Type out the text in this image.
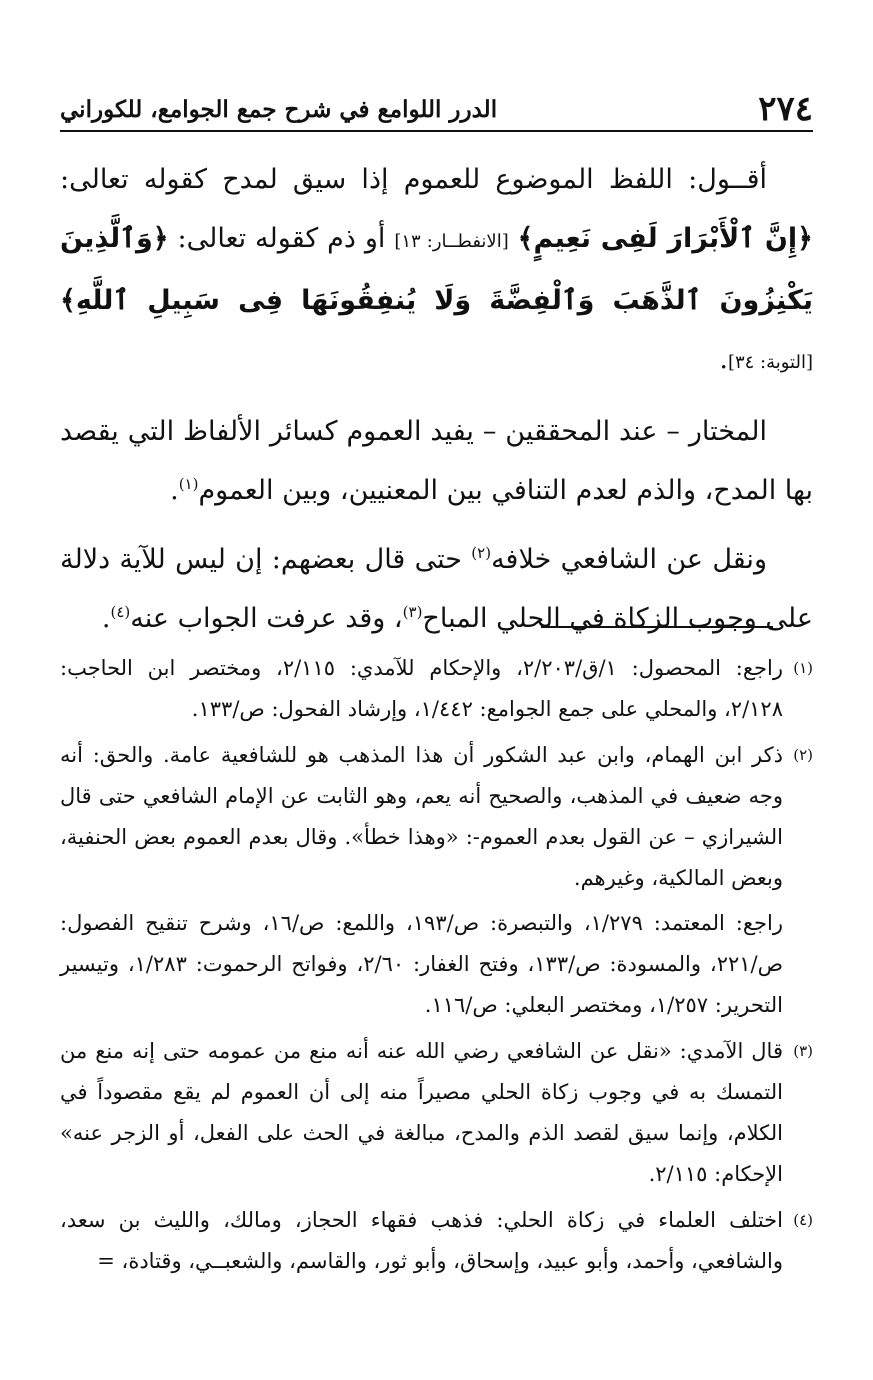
٢٧٤
الدرر اللوامع في شرح جمع الجوامع، للكوراني

أقــول: اللفظ الموضوع للعموم إذا سيق لمدح كقوله تعالى: ﴿إِنَّ ٱلْأَبْرَارَ لَفِى نَعِيمٍ﴾ [الانفطــار: ١٣] أو ذم كقوله تعالى: ﴿وَٱلَّذِينَ يَكْنِزُونَ ٱلذَّهَبَ وَٱلْفِضَّةَ وَلَا يُنفِقُونَهَا فِى سَبِيلِ ٱللَّهِ﴾ [التوبة: ٣٤].

المختار – عند المحققين – يفيد العموم كسائر الألفاظ التي يقصد بها المدح، والذم لعدم التنافي بين المعنيين، وبين العموم$^{(١)}$.

ونقل عن الشافعي خلافه$^{(٢)}$ حتى قال بعضهم: إن ليس للآية دلالة على وجوب الزكاة في الحلي المباح$^{(٣)}$، وقد عرفت الجواب عنه$^{(٤)}$.

(١)

راجع: المحصول: ١/ق/٢/٢٠٣، والإحكام للآمدي: ٢/١١٥، ومختصر ابن الحاجب: ٢/١٢٨، والمحلي على جمع الجوامع: ١/٤٤٢، وإرشاد الفحول: ص/١٣٣.

(٢)

ذكر ابن الهمام، وابن عبد الشكور أن هذا المذهب هو للشافعية عامة. والحق: أنه وجه ضعيف في المذهب، والصحيح أنه يعم، وهو الثابت عن الإمام الشافعي حتى قال الشيرازي – عن القول بعدم العموم-: «وهذا خطأ». وقال بعدم العموم بعض الحنفية، وبعض المالكية، وغيرهم.

راجع: المعتمد: ١/٢٧٩، والتبصرة: ص/١٩٣، واللمع: ص/١٦، وشرح تنقيح الفصول: ص/٢٢١، والمسودة: ص/١٣٣، وفتح الغفار: ٢/٦٠، وفواتح الرحموت: ١/٢٨٣، وتيسير التحرير: ١/٢٥٧، ومختصر البعلي: ص/١١٦.

(٣)

قال الآمدي: «نقل عن الشافعي رضي الله عنه أنه منع من عمومه حتى إنه منع من التمسك به في وجوب زكاة الحلي مصيراً منه إلى أن العموم لم يقع مقصوداً في الكلام، وإنما سيق لقصد الذم والمدح، مبالغة في الحث على الفعل، أو الزجر عنه» الإحكام: ٢/١١٥.

(٤)

اختلف العلماء في زكاة الحلي: فذهب فقهاء الحجاز، ومالك، والليث بن سعد، والشافعي، وأحمد، وأبو عبيد، وإسحاق، وأبو ثور، والقاسم، والشعبــي، وقتادة، =
